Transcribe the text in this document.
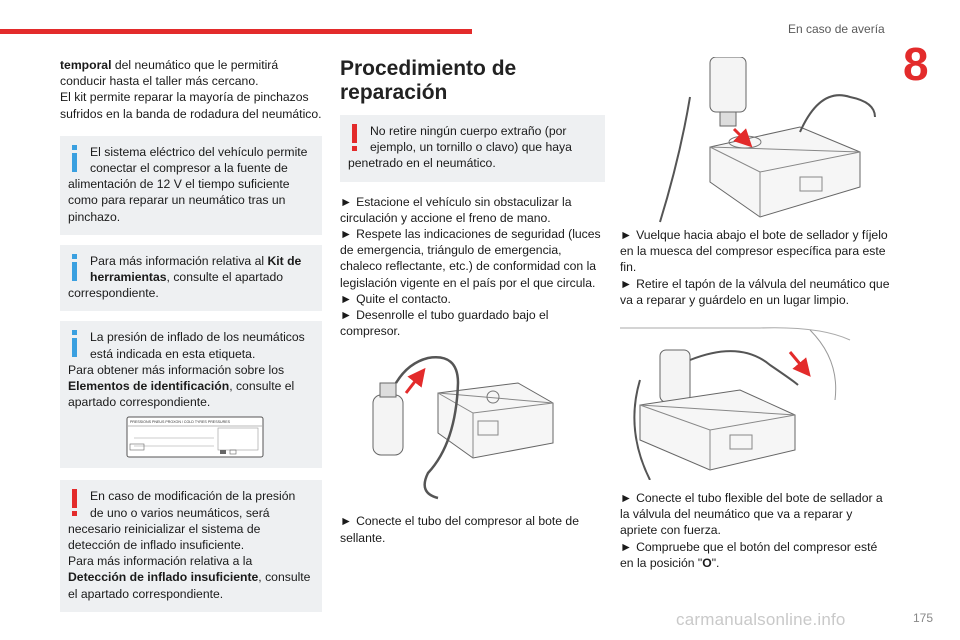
En caso de avería
8

temporal del neumático que le permitirá conducir hasta el taller más cercano.

El kit permite reparar la mayoría de pinchazos sufridos en la banda de rodadura del neumático.

El sistema eléctrico del vehículo permite conectar el compresor a la fuente de alimentación de 12 V el tiempo suficiente como para reparar un neumático tras un pinchazo.

Para más información relativa al Kit de herramientas, consulte el apartado correspondiente.

La presión de inflado de los neumáticos está indicada en esta etiqueta.

Para obtener más información sobre los Elementos de identificación, consulte el apartado correspondiente.

PRESSIONS PNEUS PROXON / COLD TYRES PRESSURES

En caso de modificación de la presión de uno o varios neumáticos, será necesario reinicializar el sistema de detección de inflado insuficiente.

Para más información relativa a la Detección de inflado insuficiente, consulte el apartado correspondiente.

Procedimiento de reparación

No retire ningún cuerpo extraño (por ejemplo, un tornillo o clavo) que haya penetrado en el neumático.

► Estacione el vehículo sin obstaculizar la circulación y accione el freno de mano.

► Respete las indicaciones de seguridad (luces de emergencia, triángulo de emergencia, chaleco reflectante, etc.) de conformidad con la legislación vigente en el país por el que circula.

► Quite el contacto.

► Desenrolle el tubo guardado bajo el compresor.

► Conecte el tubo del compresor al bote de sellante.

► Vuelque hacia abajo el bote de sellador y fíjelo en la muesca del compresor específica para este fin.

► Retire el tapón de la válvula del neumático que va a reparar y guárdelo en un lugar limpio.

► Conecte el tubo flexible del bote de sellador a la válvula del neumático que va a reparar y apriete con fuerza.

► Compruebe que el botón del compresor esté en la posición "O".

carmanualsonline.info	175
